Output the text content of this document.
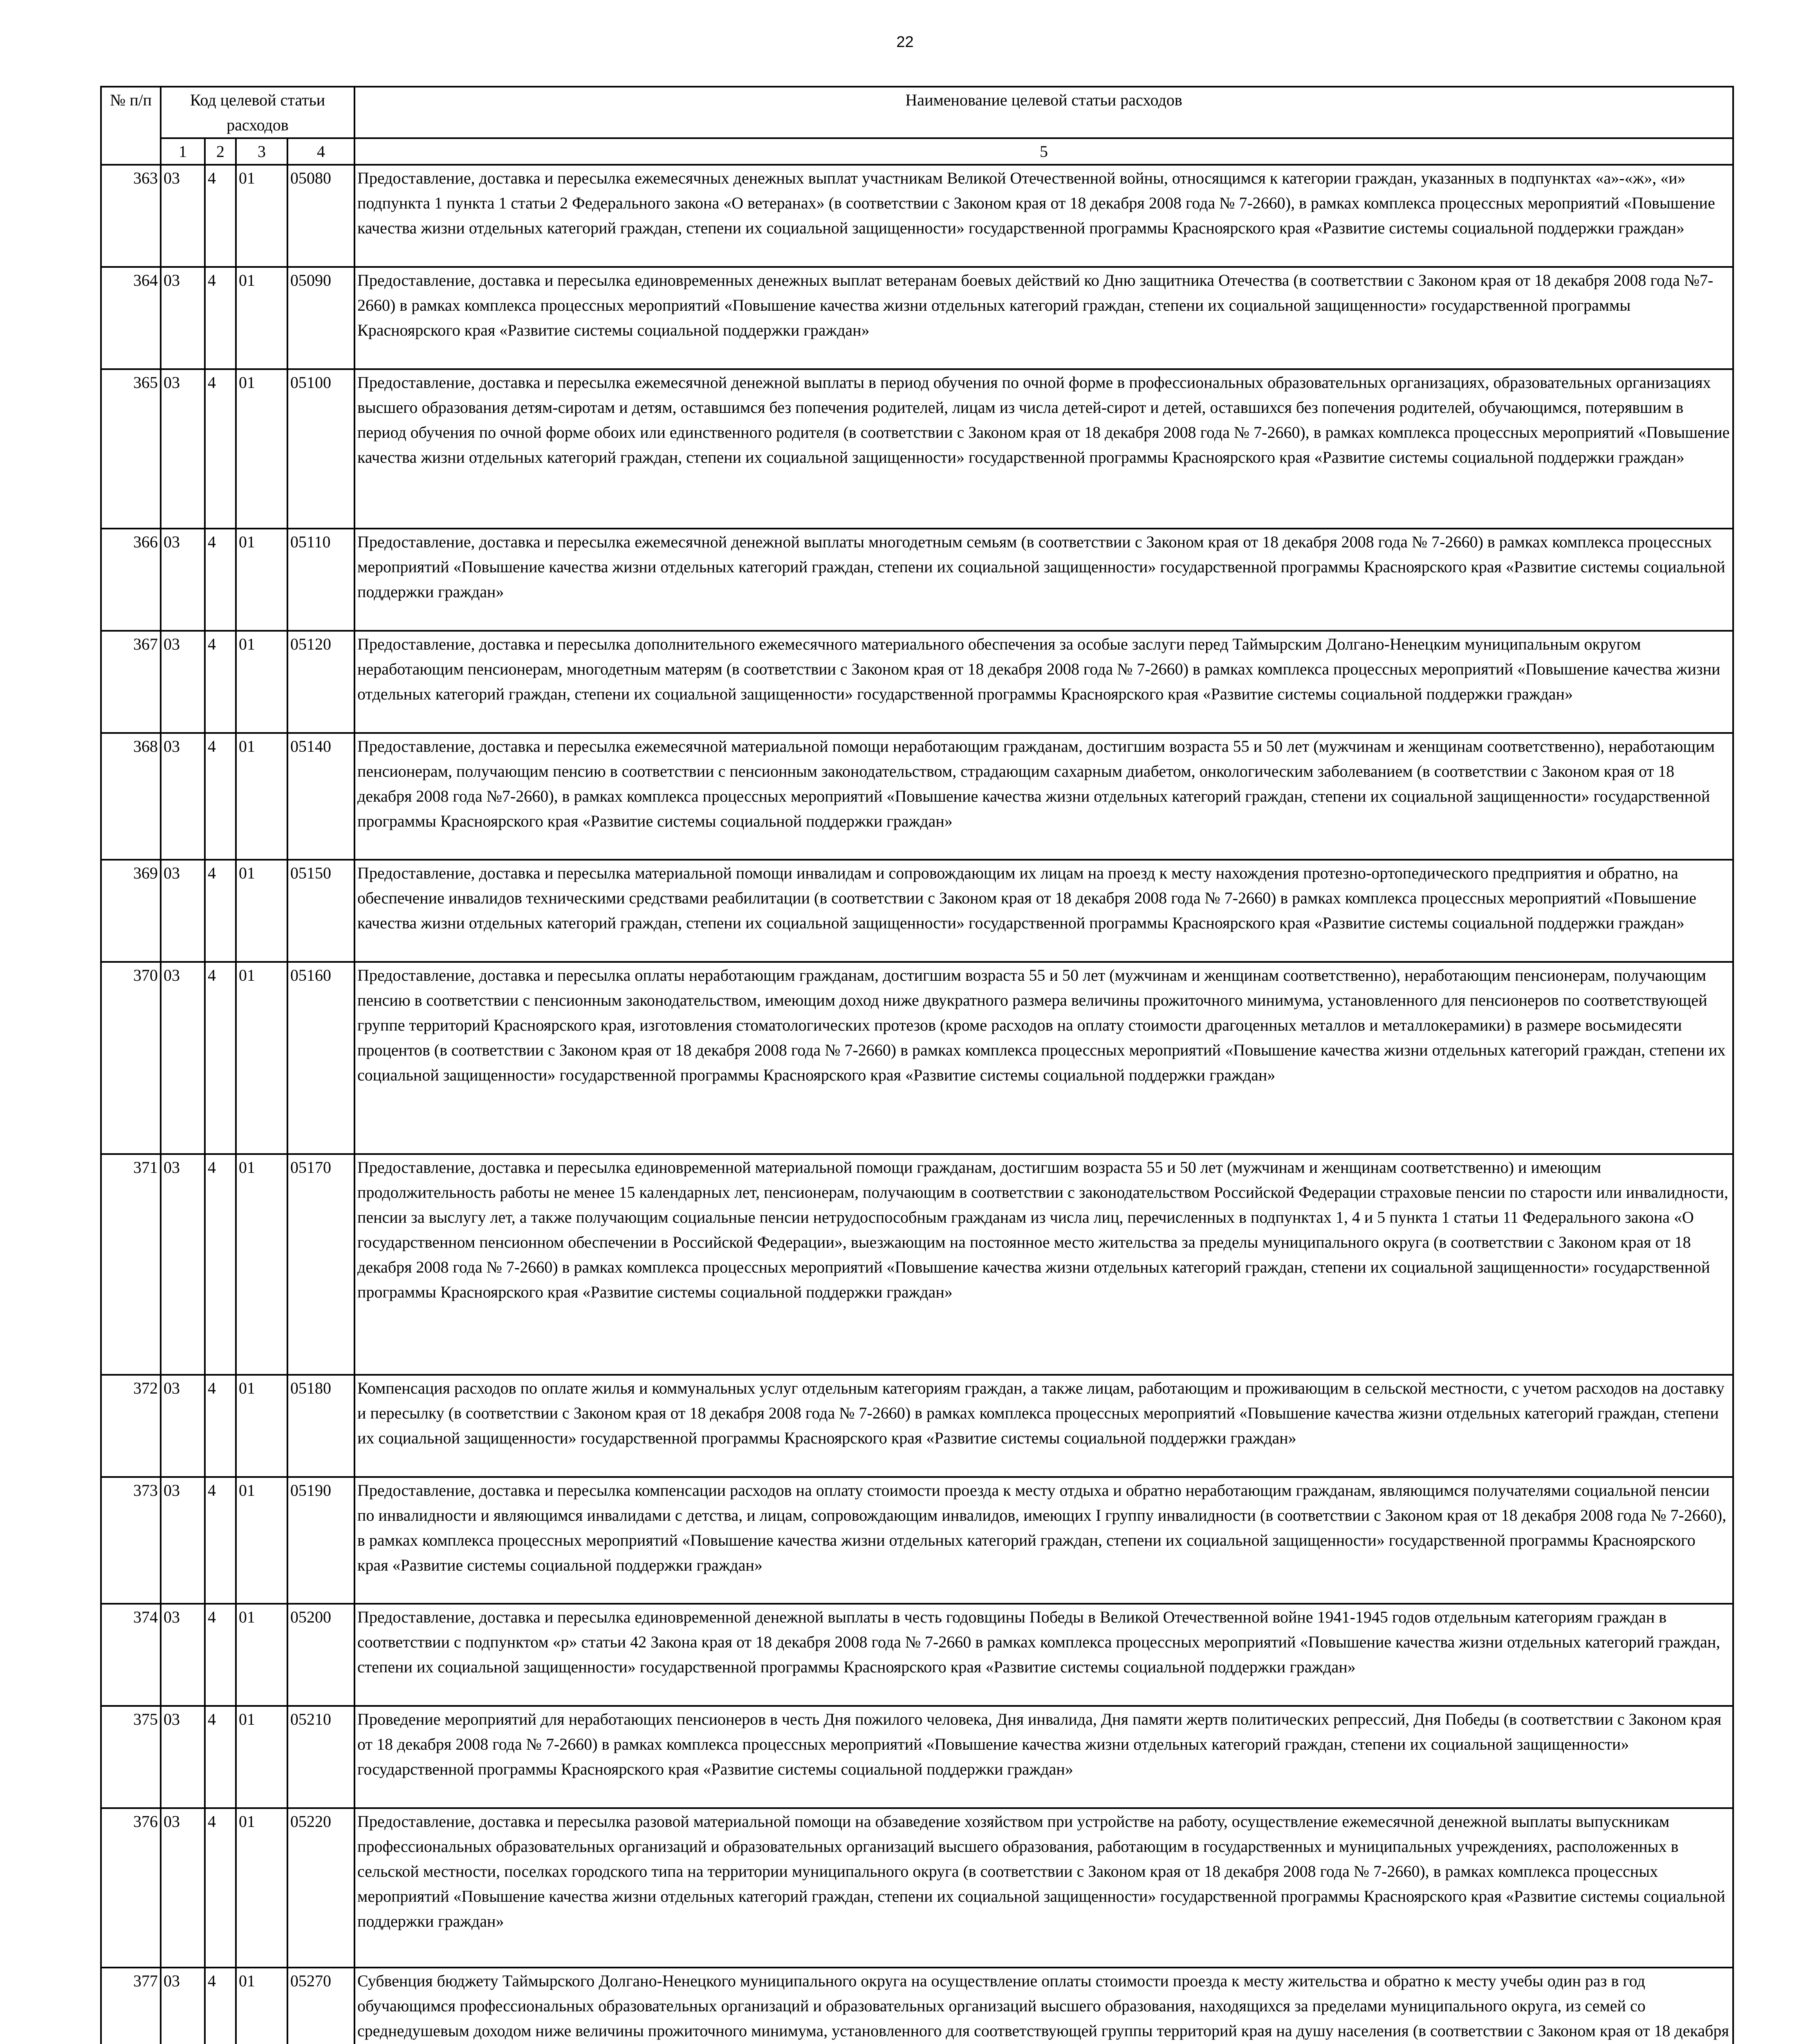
22
№ п/п	Код целевой статьи расходов				Наименование целевой статьи расходов
	1	2	3	4	5
363	03	4	01	05080	Предоставление, доставка и пересылка ежемесячных денежных выплат участникам Великой Отечественной войны, относящимся к категории граждан, указанных в подпунктах «а»-«ж», «и» подпункта 1 пункта 1 статьи 2 Федерального закона «О ветеранах» (в соответствии с Законом края от 18 декабря 2008 года № 7-2660), в рамках комплекса процессных мероприятий «Повышение качества жизни отдельных категорий граждан, степени их социальной защищенности» государственной программы Красноярского края «Развитие системы социальной поддержки граждан»
364	03	4	01	05090	Предоставление, доставка и пересылка единовременных денежных выплат ветеранам боевых действий ко Дню защитника Отечества (в соответствии с Законом края от 18 декабря 2008 года №7-2660) в рамках комплекса процессных мероприятий «Повышение качества жизни отдельных категорий граждан, степени их социальной защищенности» государственной программы Красноярского края «Развитие системы социальной поддержки граждан»
365	03	4	01	05100	Предоставление, доставка и пересылка ежемесячной денежной выплаты в период обучения по очной форме в профессиональных образовательных организациях, образовательных организациях высшего образования детям-сиротам и детям, оставшимся без попечения родителей, лицам из числа детей-сирот и детей, оставшихся без попечения родителей, обучающимся, потерявшим в период обучения по очной форме обоих или единственного родителя (в соответствии с Законом края от 18 декабря 2008 года № 7-2660), в рамках комплекса процессных мероприятий «Повышение качества жизни отдельных категорий граждан, степени их социальной защищенности» государственной программы Красноярского края «Развитие системы социальной поддержки граждан»
366	03	4	01	05110	Предоставление, доставка и пересылка ежемесячной денежной выплаты многодетным семьям (в соответствии с Законом края от 18 декабря 2008 года № 7-2660) в рамках комплекса процессных мероприятий «Повышение качества жизни отдельных категорий граждан, степени их социальной защищенности» государственной программы Красноярского края «Развитие системы социальной поддержки граждан»
367	03	4	01	05120	Предоставление, доставка и пересылка дополнительного ежемесячного материального обеспечения за особые заслуги перед Таймырским Долгано-Ненецким муниципальным округом неработающим пенсионерам, многодетным матерям (в соответствии с Законом края от 18 декабря 2008 года № 7-2660) в рамках комплекса процессных мероприятий «Повышение качества жизни отдельных категорий граждан, степени их социальной защищенности» государственной программы Красноярского края «Развитие системы социальной поддержки граждан»
368	03	4	01	05140	Предоставление, доставка и пересылка ежемесячной материальной помощи неработающим гражданам, достигшим возраста 55 и 50 лет (мужчинам и женщинам соответственно), неработающим пенсионерам, получающим пенсию в соответствии с пенсионным законодательством, страдающим сахарным диабетом, онкологическим заболеванием (в соответствии с Законом края от 18 декабря 2008 года №7-2660), в рамках комплекса процессных мероприятий «Повышение качества жизни отдельных категорий граждан, степени их социальной защищенности» государственной программы Красноярского края «Развитие системы социальной поддержки граждан»
369	03	4	01	05150	Предоставление, доставка и пересылка материальной помощи инвалидам и сопровождающим их лицам на проезд к месту нахождения протезно-ортопедического предприятия и обратно, на обеспечение инвалидов техническими средствами реабилитации (в соответствии с Законом края от 18 декабря 2008 года № 7-2660) в рамках комплекса процессных мероприятий «Повышение качества жизни отдельных категорий граждан, степени их социальной защищенности» государственной программы Красноярского края «Развитие системы социальной поддержки граждан»
370	03	4	01	05160	Предоставление, доставка и пересылка оплаты неработающим гражданам, достигшим возраста 55 и 50 лет (мужчинам и женщинам соответственно), неработающим пенсионерам, получающим пенсию в соответствии с пенсионным законодательством, имеющим доход ниже двукратного размера величины прожиточного минимума, установленного для пенсионеров по соответствующей группе территорий Красноярского края, изготовления стоматологических протезов (кроме расходов на оплату стоимости драгоценных металлов и металлокерамики) в размере восьмидесяти процентов (в соответствии с Законом края от 18 декабря 2008 года № 7-2660) в рамках комплекса процессных мероприятий «Повышение качества жизни отдельных категорий граждан, степени их социальной защищенности» государственной программы Красноярского края «Развитие системы социальной поддержки граждан»
371	03	4	01	05170	Предоставление, доставка и пересылка единовременной материальной помощи гражданам, достигшим возраста 55 и 50 лет (мужчинам и женщинам соответственно) и имеющим продолжительность работы не менее 15 календарных лет, пенсионерам, получающим в соответствии с законодательством Российской Федерации страховые пенсии по старости или инвалидности, пенсии за выслугу лет, а также получающим социальные пенсии нетрудоспособным гражданам из числа лиц, перечисленных в подпунктах 1, 4 и 5 пункта 1 статьи 11 Федерального закона «О государственном пенсионном обеспечении в Российской Федерации», выезжающим на постоянное место жительства за пределы муниципального округа (в соответствии с Законом края от 18 декабря 2008 года № 7-2660) в рамках комплекса процессных мероприятий «Повышение качества жизни отдельных категорий граждан, степени их социальной защищенности» государственной программы Красноярского края «Развитие системы социальной поддержки граждан»
372	03	4	01	05180	Компенсация расходов по оплате жилья и коммунальных услуг отдельным категориям граждан, а также лицам, работающим и проживающим в сельской местности, с учетом расходов на доставку и пересылку (в соответствии с Законом края от 18 декабря 2008 года № 7-2660) в рамках комплекса процессных мероприятий «Повышение качества жизни отдельных категорий граждан, степени их социальной защищенности» государственной программы Красноярского края «Развитие системы социальной поддержки граждан»
373	03	4	01	05190	Предоставление, доставка и пересылка компенсации расходов на оплату стоимости проезда к месту отдыха и обратно неработающим гражданам, являющимся получателями социальной пенсии по инвалидности и являющимся инвалидами с детства, и лицам, сопровождающим инвалидов, имеющих I группу инвалидности (в соответствии с Законом края от 18 декабря 2008 года № 7-2660), в рамках комплекса процессных мероприятий «Повышение качества жизни отдельных категорий граждан, степени их социальной защищенности» государственной программы Красноярского края «Развитие системы социальной поддержки граждан»
374	03	4	01	05200	Предоставление, доставка и пересылка единовременной денежной выплаты в честь годовщины Победы в Великой Отечественной войне 1941-1945 годов отдельным категориям граждан в соответствии с подпунктом «р» статьи 42 Закона края от 18 декабря 2008 года № 7-2660 в рамках комплекса процессных мероприятий «Повышение качества жизни отдельных категорий граждан, степени их социальной защищенности» государственной программы Красноярского края «Развитие системы социальной поддержки граждан»
375	03	4	01	05210	Проведение мероприятий для неработающих пенсионеров в честь Дня пожилого человека, Дня инвалида, Дня памяти жертв политических репрессий, Дня Победы (в соответствии с Законом края от 18 декабря 2008 года № 7-2660) в рамках комплекса процессных мероприятий «Повышение качества жизни отдельных категорий граждан, степени их социальной защищенности» государственной программы Красноярского края «Развитие системы социальной поддержки граждан»
376	03	4	01	05220	Предоставление, доставка и пересылка разовой материальной помощи на обзаведение хозяйством при устройстве на работу, осуществление ежемесячной денежной выплаты выпускникам профессиональных образовательных организаций и образовательных организаций высшего образования, работающим в государственных и муниципальных учреждениях, расположенных в сельской местности, поселках городского типа на территории муниципального округа (в соответствии с Законом края от 18 декабря 2008 года № 7-2660), в рамках комплекса процессных мероприятий «Повышение качества жизни отдельных категорий граждан, степени их социальной защищенности» государственной программы Красноярского края «Развитие системы социальной поддержки граждан»
377	03	4	01	05270	Субвенция бюджету Таймырского Долгано-Ненецкого муниципального округа на осуществление оплаты стоимости проезда к месту жительства и обратно к месту учебы один раз в год обучающимся профессиональных образовательных организаций и образовательных организаций высшего образования, находящихся за пределами муниципального округа, из семей со среднедушевым доходом ниже величины прожиточного минимума, установленного для соответствующей группы территорий края на душу населения (в соответствии с Законом края от 18 декабря
